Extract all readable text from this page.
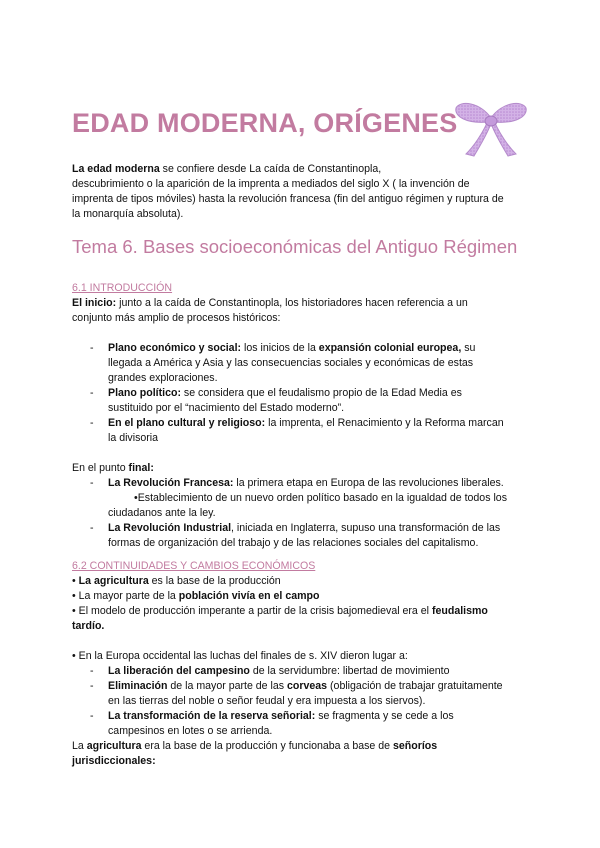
EDAD MODERNA, ORÍGENES
La edad moderna se confiere desde La caída de Constantinopla,
descubrimiento o la aparición de la imprenta a mediados del siglo X ( la invención de
imprenta de tipos móviles) hasta la revolución francesa (fin del antiguo régimen y ruptura de
la monarquía absoluta).
Tema 6. Bases socioeconómicas del Antiguo Régimen
6.1 INTRODUCCIÓN
El inicio: junto a la caída de Constantinopla, los historiadores hacen referencia a un
conjunto más amplio de procesos históricos:
- Plano económico y social: los inicios de la expansión colonial europea, su
llegada a América y Asia y las consecuencias sociales y económicas de estas
grandes exploraciones.
- Plano político: se considera que el feudalismo propio de la Edad Media es
sustituido por el “nacimiento del Estado moderno”.
- En el plano cultural y religioso: la imprenta, el Renacimiento y la Reforma marcan
la divisoria
En el punto final:
- La Revolución Francesa: la primera etapa en Europa de las revoluciones liberales.
•Establecimiento de un nuevo orden político basado en la igualdad de todos los
ciudadanos ante la ley.
- La Revolución Industrial, iniciada en Inglaterra, supuso una transformación de las
formas de organización del trabajo y de las relaciones sociales del capitalismo.
6.2 CONTINUIDADES Y CAMBIOS ECONÓMICOS
• La agricultura es la base de la producción
• La mayor parte de la población vivía en el campo
• El modelo de producción imperante a partir de la crisis bajomedieval era el feudalismo
tardío.
• En la Europa occidental las luchas del finales de s. XIV dieron lugar a:
- La liberación del campesino de la servidumbre: libertad de movimiento
- Eliminación de la mayor parte de las corveas (obligación de trabajar gratuitamente
en las tierras del noble o señor feudal y era impuesta a los siervos).
- La transformación de la reserva señorial: se fragmenta y se cede a los
campesinos en lotes o se arrienda.
La agricultura era la base de la producción y funcionaba a base de señoríos
jurisdiccionales:
